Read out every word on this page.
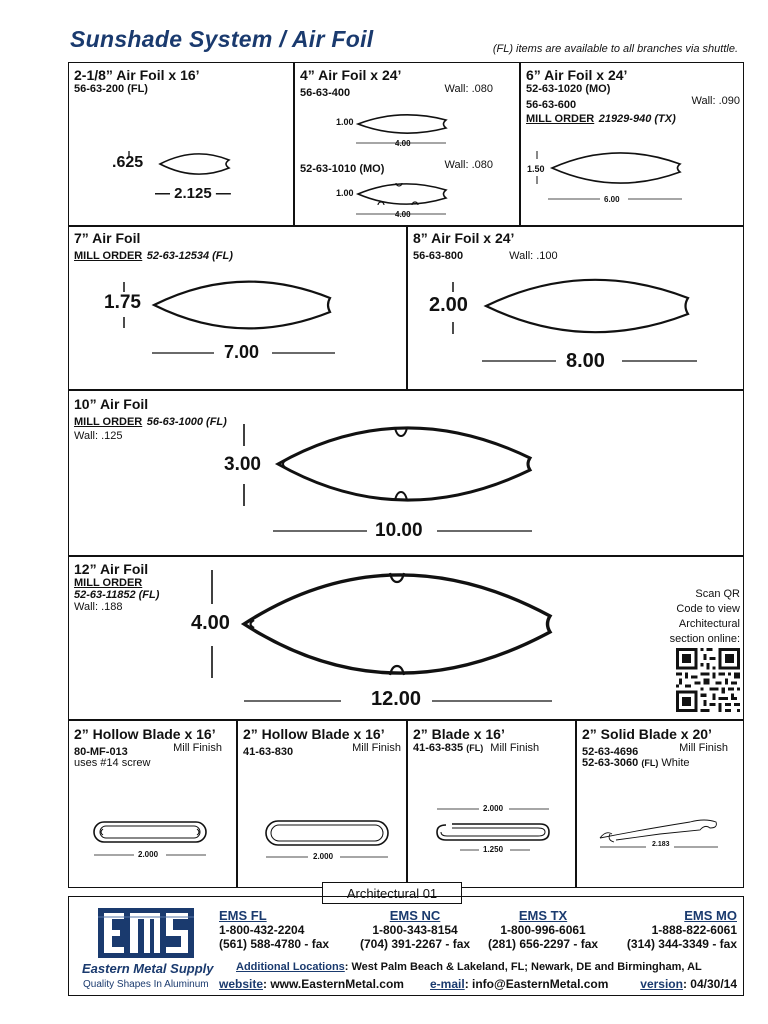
Sunshade System / Air Foil	(FL) items are available to all branches via shuttle.
2-1/8” Air Foil x 16’
56-63-200 (FL)
.625
— 2.125 —
4” Air Foil x 24’
56-63-400	Wall: .080
1.00
4.00
52-63-1010 (MO)	Wall: .080
1.00
4.00
6” Air Foil x 24’
52-63-1020 (MO)
56-63-600	Wall: .090
MILL ORDER 21929-940 (TX)
1.50
6.00
7” Air Foil
MILL ORDER 52-63-12534 (FL)
1.75
7.00
8” Air Foil x 24’
56-63-800	Wall: .100
2.00
8.00
10” Air Foil
MILL ORDER 56-63-1000 (FL)
Wall: .125
3.00
10.00
12” Air Foil
MILL ORDER
52-63-11852 (FL)
Wall: .188
4.00
12.00
Scan QR
Code to view
Architectural
section online:
2” Hollow Blade x 16’
80-MF-013	Mill Finish
uses #14 screw
2.000
2” Hollow Blade x 16’
41-63-830	Mill Finish
2.000
2” Blade x 16’
41-63-835 (FL) Mill Finish
2.000
1.250
2” Solid Blade x 20’
52-63-4696	Mill Finish
52-63-3060 (FL) White
2.183
Architectural 01
Eastern Metal Supply
Quality Shapes In Aluminum
EMS FL
1-800-432-2204
(561) 588-4780 - fax
EMS NC
1-800-343-8154
(704) 391-2267 - fax
EMS TX
1-800-996-6061
(281) 656-2297 - fax
EMS MO
1-888-822-6061
(314) 344-3349 - fax
Additional Locations: West Palm Beach & Lakeland, FL; Newark, DE and Birmingham, AL
website: www.EasternMetal.com e-mail: info@EasternMetal.com	version: 04/30/14
